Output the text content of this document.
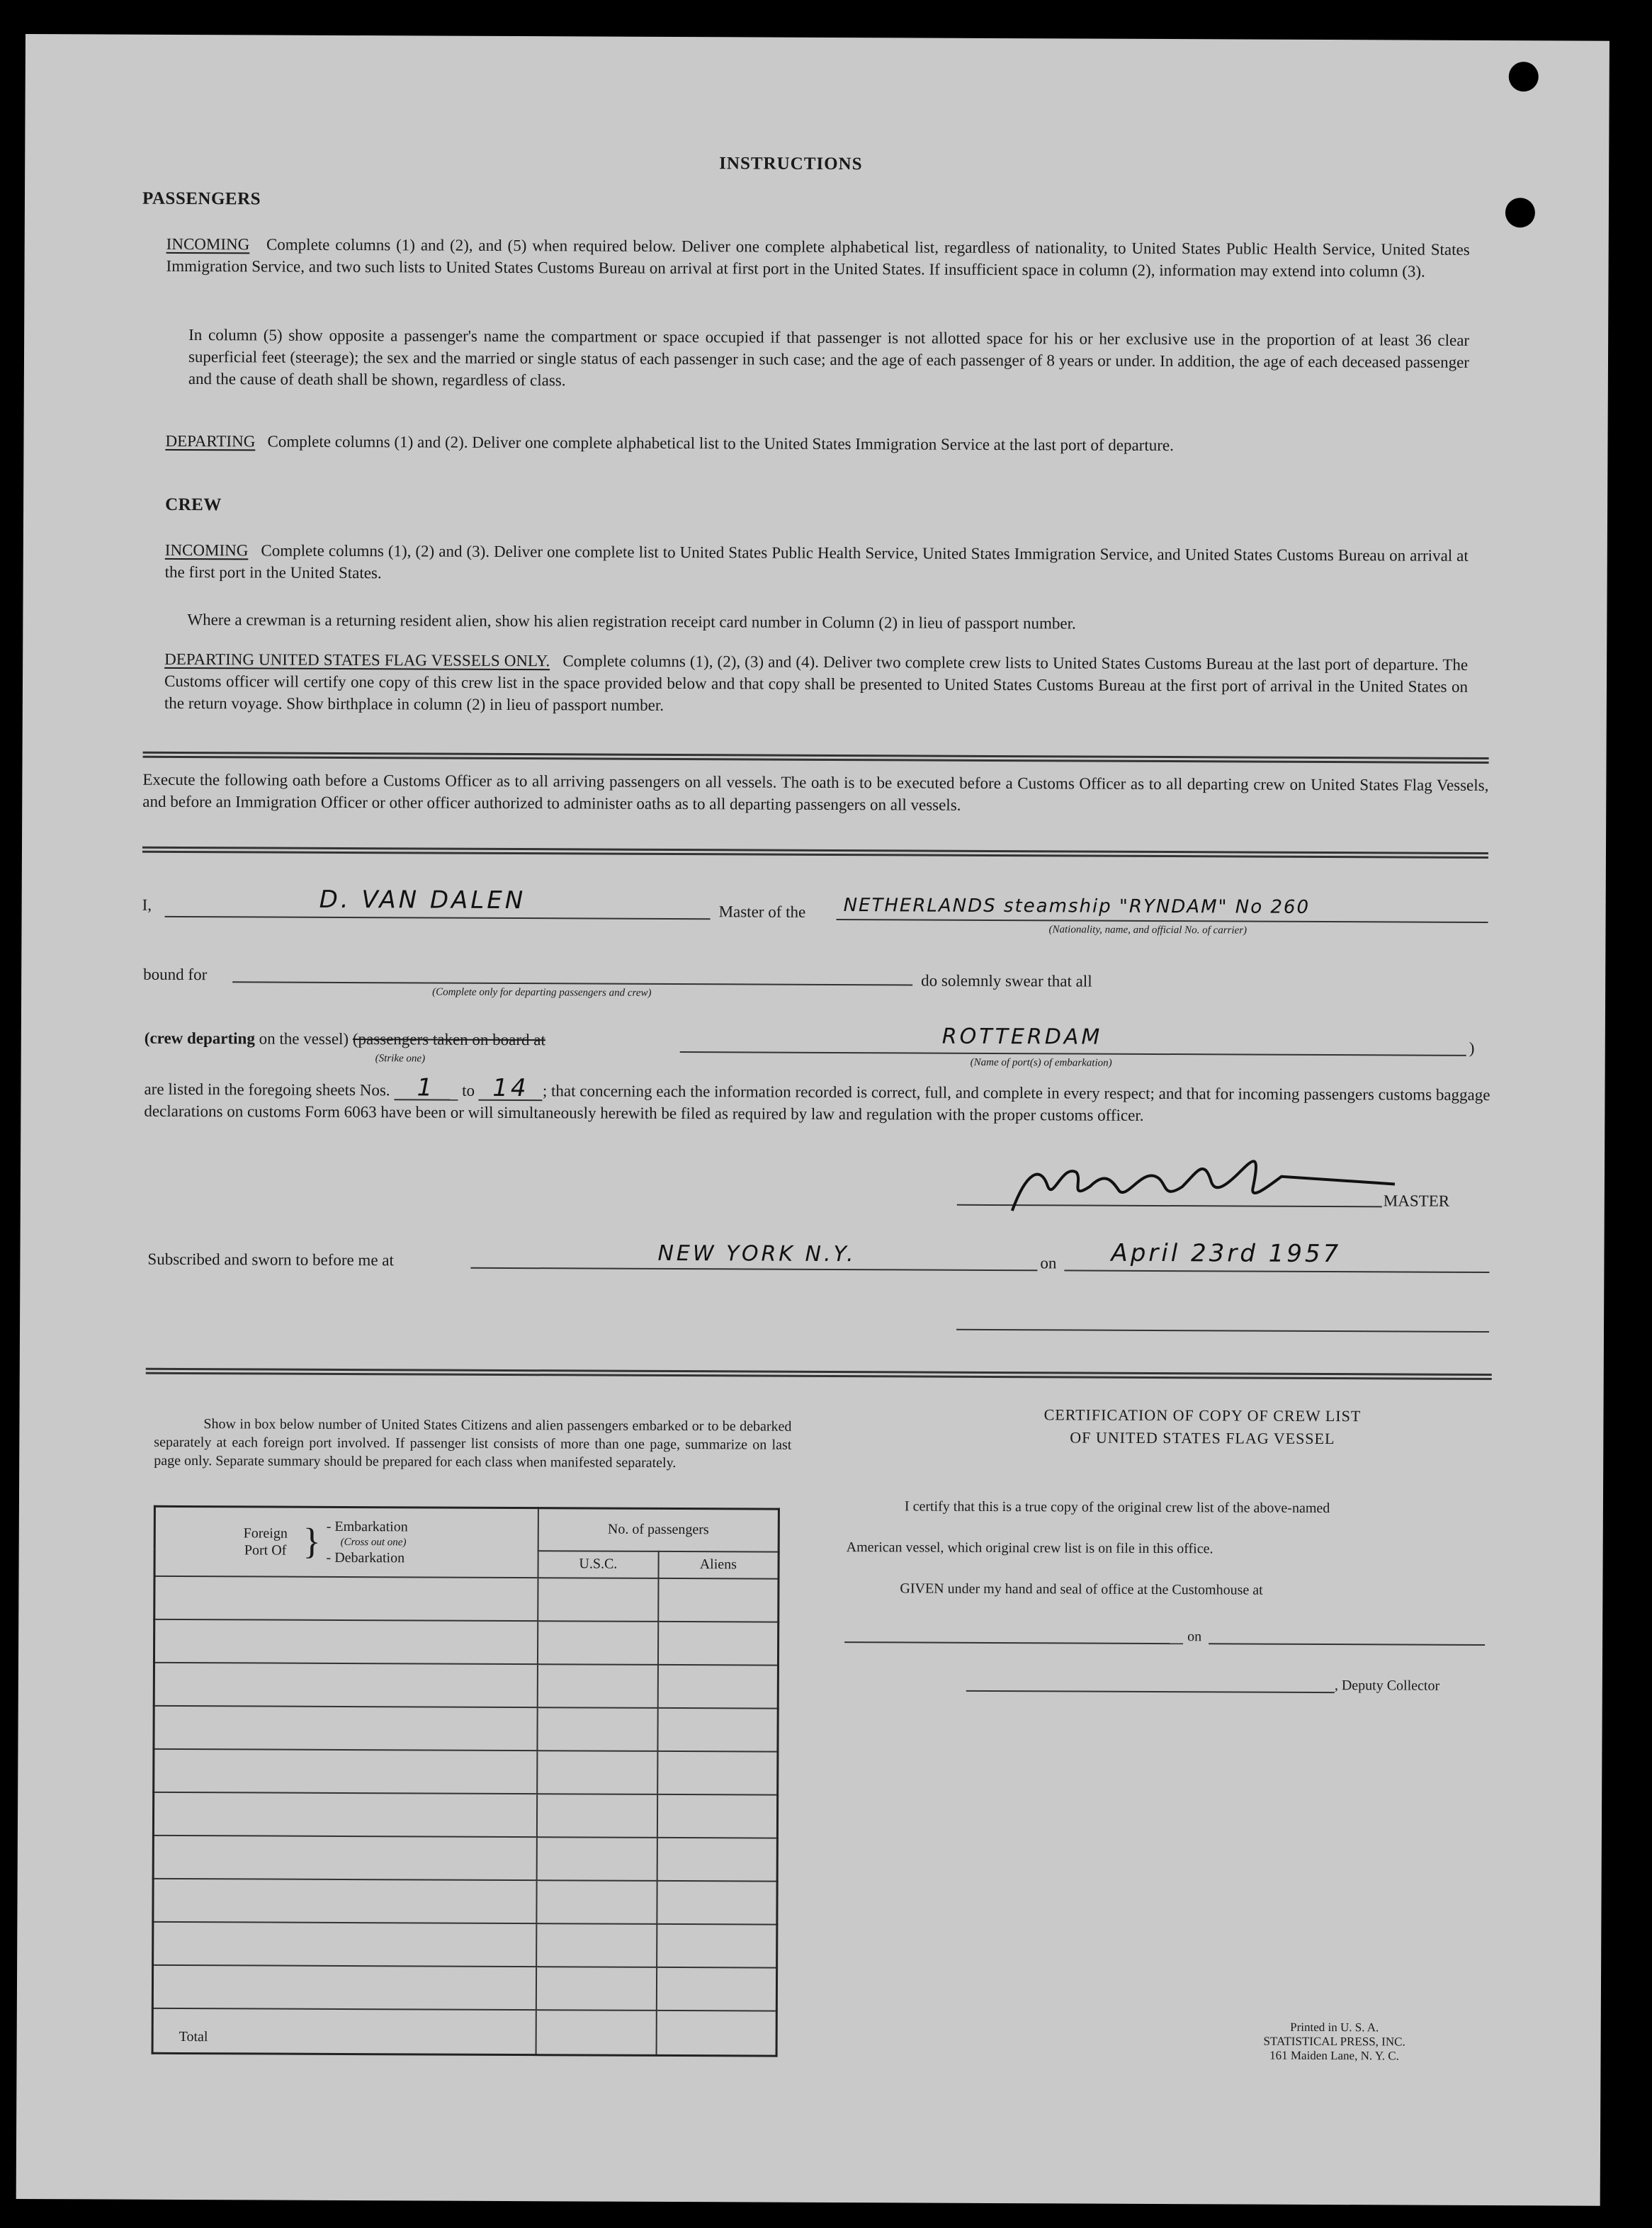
INSTRUCTIONS
PASSENGERS
INCOMING Complete columns (1) and (2), and (5) when required below. Deliver one complete alphabetical list, regardless of nationality, to United States Public Health Service, United States Immigration Service, and two such lists to United States Customs Bureau on arrival at first port in the United States. If insufficient space in column (2), information may extend into column (3).
In column (5) show opposite a passenger's name the compartment or space occupied if that passenger is not allotted space for his or her exclusive use in the proportion of at least 36 clear superficial feet (steerage); the sex and the married or single status of each passenger in such case; and the age of each passenger of 8 years or under. In addition, the age of each deceased passenger and the cause of death shall be shown, regardless of class.
DEPARTING Complete columns (1) and (2). Deliver one complete alphabetical list to the United States Immigration Service at the last port of departure.
CREW
INCOMING Complete columns (1), (2) and (3). Deliver one complete list to United States Public Health Service, United States Immigration Service, and United States Customs Bureau on arrival at the first port in the United States.
Where a crewman is a returning resident alien, show his alien registration receipt card number in Column (2) in lieu of passport number.
DEPARTING UNITED STATES FLAG VESSELS ONLY. Complete columns (1), (2), (3) and (4). Deliver two complete crew lists to United States Customs Bureau at the last port of departure. The Customs officer will certify one copy of this crew list in the space provided below and that copy shall be presented to United States Customs Bureau at the first port of arrival in the United States on the return voyage. Show birthplace in column (2) in lieu of passport number.
Execute the following oath before a Customs Officer as to all arriving passengers on all vessels. The oath is to be executed before a Customs Officer as to all departing crew on United States Flag Vessels, and before an Immigration Officer or other officer authorized to administer oaths as to all departing passengers on all vessels.
I,	D. VAN DALEN	Master of the NETHERLANDS steamship "RYNDAM" No 260
(Nationality, name, and official No. of carrier)
bound for
(Complete only for departing passengers and crew)
do solemnly swear that all
(crew departing on the vessel) (passengers taken on board at
(Strike one)
ROTTERDAM
(Name of port(s) of embarkation)
)
are listed in the foregoing sheets Nos. 1 to 14 ; that concerning each the information recorded is correct, full, and complete in every respect; and that for incoming passengers customs baggage declarations on customs Form 6063 have been or will simultaneously herewith be filed as required by law and regulation with the proper customs officer.
MASTER
Subscribed and sworn to before me at	NEW YORK N.Y.	on April 23rd 1957
Show in box below number of United States Citizens and alien passengers embarked or to be debarked separately at each foreign port involved. If passenger list consists of more than one page, summarize on last page only. Separate summary should be prepared for each class when manifested separately.
Foreign Port Of } - Embarkation
(Cross out one)
- Debarkation	No. of passengers	
	U.S.C.	Aliens

Total		
CERTIFICATION OF COPY OF CREW LIST
OF UNITED STATES FLAG VESSEL
I certify that this is a true copy of the original crew list of the above-named
American vessel, which original crew list is on file in this office.
GIVEN under my hand and seal of office at the Customhouse at
on
, Deputy Collector
Printed in U. S. A.
STATISTICAL PRESS, INC.
161 Maiden Lane, N. Y. C.
